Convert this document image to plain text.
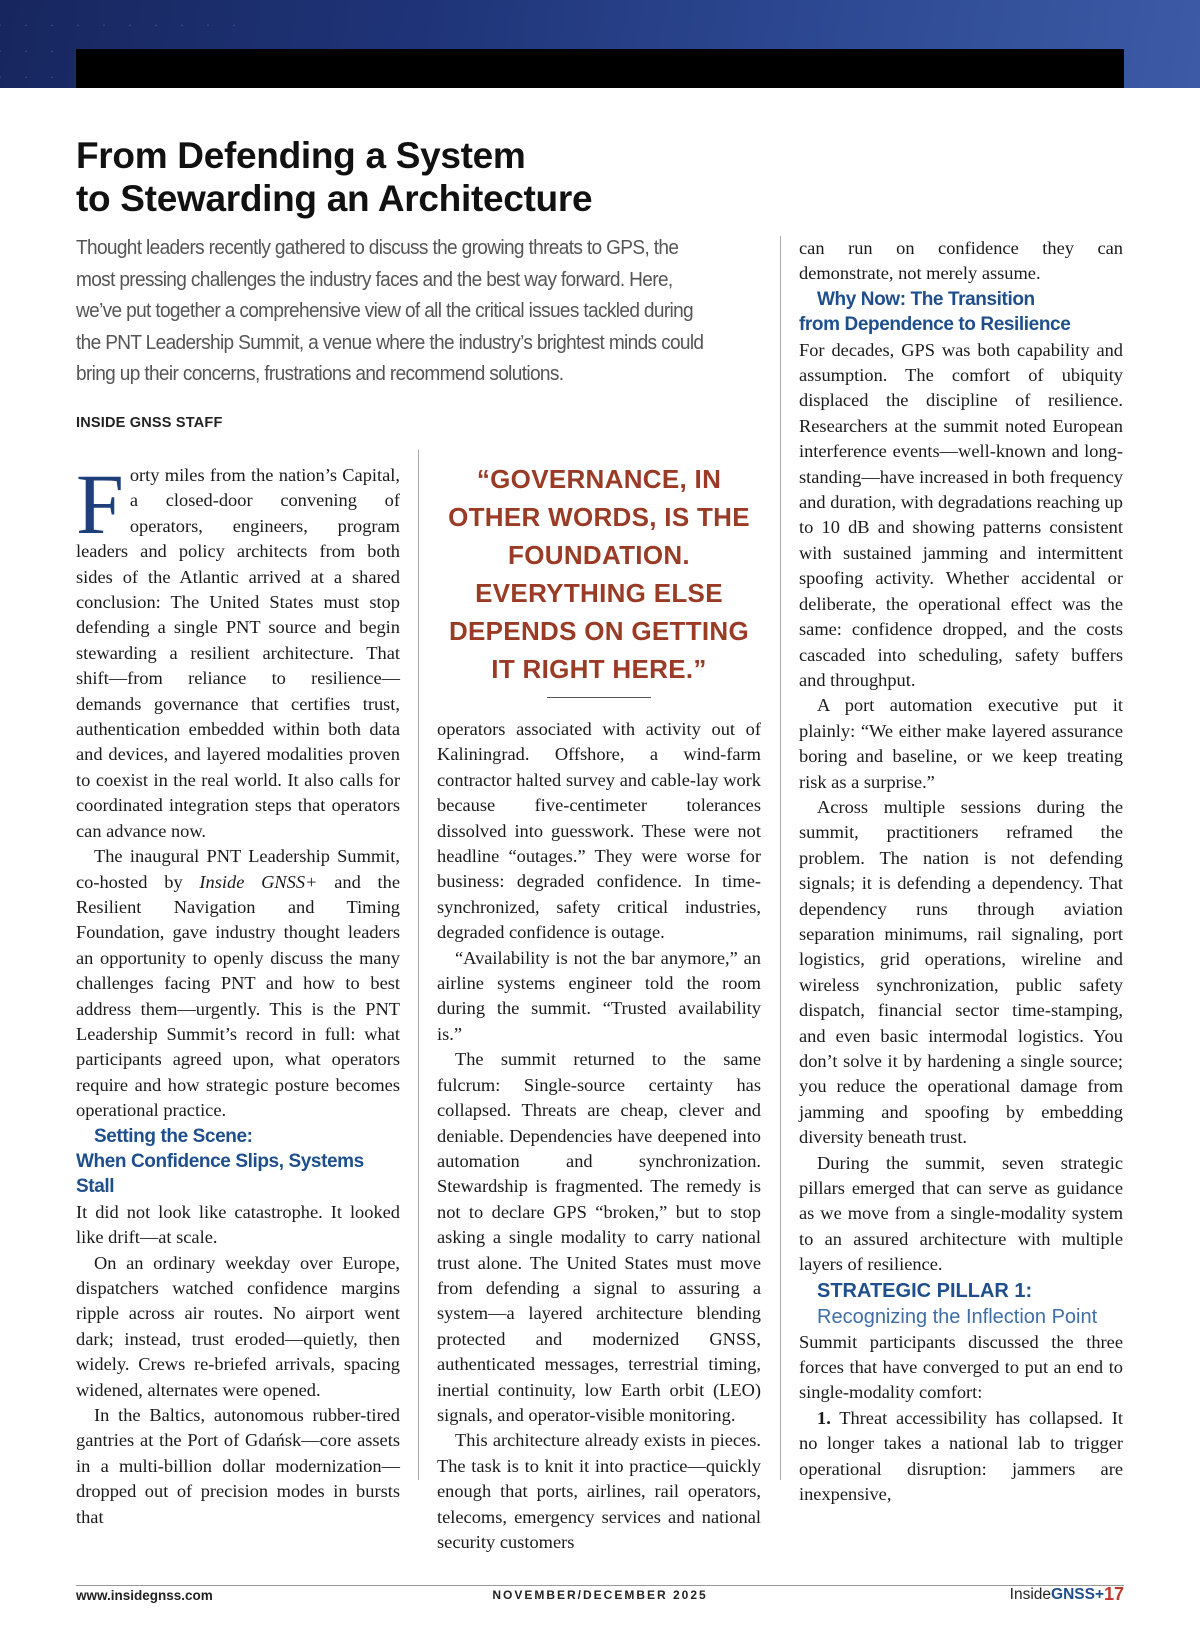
From Defending a System
to Stewarding an Architecture

Thought leaders recently gathered to discuss the growing threats to GPS, the most pressing challenges the industry faces and the best way forward. Here, we’ve put together a comprehensive view of all the critical issues tackled during the PNT Leadership Summit, a venue where the industry’s brightest minds could bring up their concerns, frustrations and recommend solutions.

INSIDE GNSS STAFF

Forty miles from the nation’s Capital, a closed-door convening of operators, engineers, program leaders and policy architects from both sides of the Atlantic arrived at a shared conclusion: The United States must stop defending a single PNT source and begin stewarding a resilient architecture. That shift—from reliance to resilience—demands governance that certifies trust, authentication embedded within both data and devices, and layered modalities proven to coexist in the real world. It also calls for coordinated integration steps that operators can advance now.

The inaugural PNT Leadership Summit, co-hosted by Inside GNSS+ and the Resilient Navigation and Timing Foundation, gave industry thought leaders an opportunity to openly discuss the many challenges facing PNT and how to best address them—urgently. This is the PNT Leadership Summit’s record in full: what participants agreed upon, what operators require and how strategic posture becomes operational practice.

Setting the Scene:
When Confidence Slips, Systems Stall

It did not look like catastrophe. It looked like drift—at scale.

On an ordinary weekday over Europe, dispatchers watched confidence margins ripple across air routes. No airport went dark; instead, trust eroded—quietly, then widely. Crews re-briefed arrivals, spacing widened, alternates were opened.

In the Baltics, autonomous rubber-tired gantries at the Port of Gdańsk—core assets in a multi-billion dollar modernization—dropped out of precision modes in bursts that

“GOVERNANCE, IN OTHER WORDS, IS THE FOUNDATION. EVERYTHING ELSE DEPENDS ON GETTING IT RIGHT HERE.”

operators associated with activity out of Kaliningrad. Offshore, a wind-farm contractor halted survey and cable-lay work because five-centimeter tolerances dissolved into guesswork. These were not headline “outages.” They were worse for business: degraded confidence. In time-synchronized, safety critical industries, degraded confidence is outage.

“Availability is not the bar anymore,” an airline systems engineer told the room during the summit. “Trusted availability is.”

The summit returned to the same fulcrum: Single-source certainty has collapsed. Threats are cheap, clever and deniable. Dependencies have deepened into automation and synchronization. Stewardship is fragmented. The remedy is not to declare GPS “broken,” but to stop asking a single modality to carry national trust alone. The United States must move from defending a signal to assuring a system—a layered architecture blending protected and modernized GNSS, authenticated messages, terrestrial timing, inertial continuity, low Earth orbit (LEO) signals, and operator-visible monitoring.

This architecture already exists in pieces. The task is to knit it into practice—quickly enough that ports, airlines, rail operators, telecoms, emergency services and national security customers

can run on confidence they can demonstrate, not merely assume.

Why Now: The Transition
from Dependence to Resilience

For decades, GPS was both capability and assumption. The comfort of ubiquity displaced the discipline of resilience. Researchers at the summit noted European interference events—well-known and long-standing—have increased in both frequency and duration, with degradations reaching up to 10 dB and showing patterns consistent with sustained jamming and intermittent spoofing activity. Whether accidental or deliberate, the operational effect was the same: confidence dropped, and the costs cascaded into scheduling, safety buffers and throughput.

A port automation executive put it plainly: “We either make layered assurance boring and baseline, or we keep treating risk as a surprise.”

Across multiple sessions during the summit, practitioners reframed the problem. The nation is not defending signals; it is defending a dependency. That dependency runs through aviation separation minimums, rail signaling, port logistics, grid operations, wireline and wireless synchronization, public safety dispatch, financial sector time-stamping, and even basic intermodal logistics. You don’t solve it by hardening a single source; you reduce the operational damage from jamming and spoofing by embedding diversity beneath trust.

During the summit, seven strategic pillars emerged that can serve as guidance as we move from a single-modality system to an assured architecture with multiple layers of resilience.

STRATEGIC PILLAR 1:

Recognizing the Inflection Point

Summit participants discussed the three forces that have converged to put an end to single-modality comfort:

1. Threat accessibility has collapsed. It no longer takes a national lab to trigger operational disruption: jammers are inexpensive,

www.insidegnss.com	NOVEMBER/DECEMBER 2025	InsideGNSS+ 17
